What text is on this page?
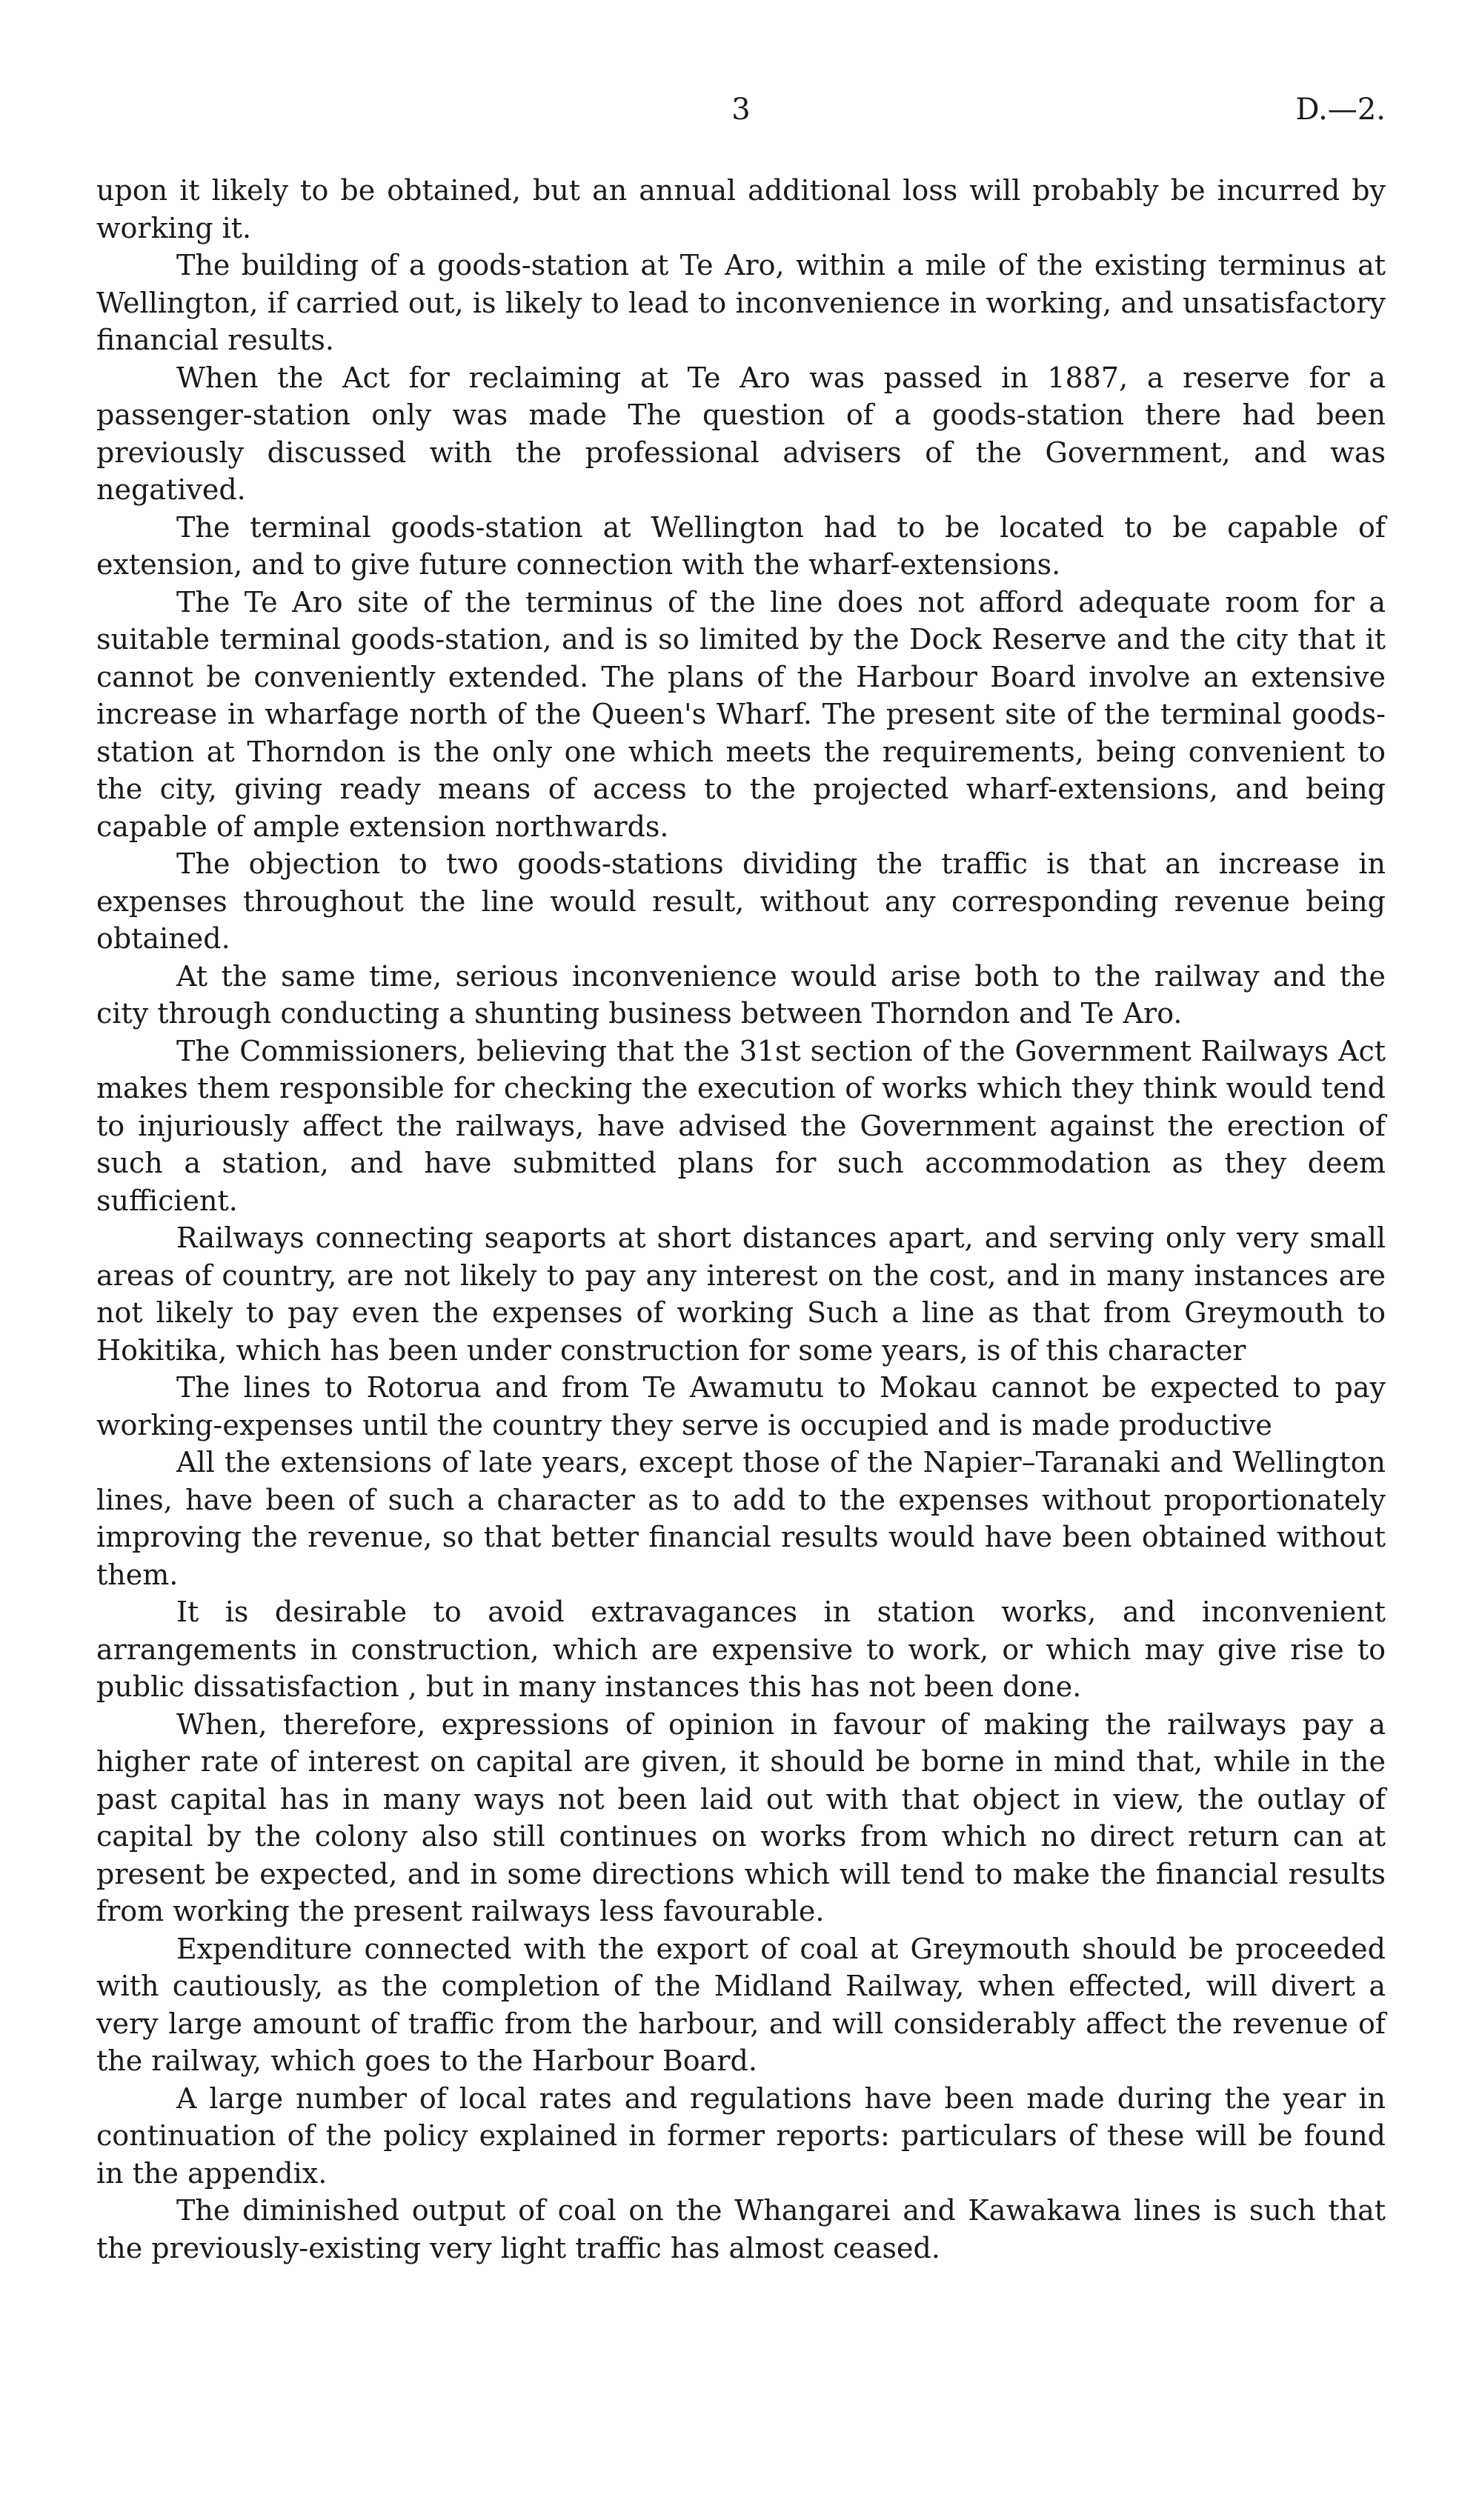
3	D.—2.

upon it likely to be obtained, but an annual additional loss will probably be incurred by working it.

The building of a goods-station at Te Aro, within a mile of the existing terminus at Wellington, if carried out, is likely to lead to inconvenience in working, and unsatisfactory financial results.

When the Act for reclaiming at Te Aro was passed in 1887, a reserve for a passenger-station only was made The question of a goods-station there had been previously discussed with the professional advisers of the Government, and was negatived.

The terminal goods-station at Wellington had to be located to be capable of extension, and to give future connection with the wharf-extensions.

The Te Aro site of the terminus of the line does not afford adequate room for a suitable terminal goods-station, and is so limited by the Dock Reserve and the city that it cannot be conveniently extended. The plans of the Harbour Board involve an extensive increase in wharfage north of the Queen's Wharf. The present site of the terminal goods-station at Thorndon is the only one which meets the requirements, being convenient to the city, giving ready means of access to the projected wharf-extensions, and being capable of ample extension northwards.

The objection to two goods-stations dividing the traffic is that an increase in expenses throughout the line would result, without any corresponding revenue being obtained.

At the same time, serious inconvenience would arise both to the railway and the city through conducting a shunting business between Thorndon and Te Aro.

The Commissioners, believing that the 31st section of the Government Railways Act makes them responsible for checking the execution of works which they think would tend to injuriously affect the railways, have advised the Government against the erection of such a station, and have submitted plans for such accommodation as they deem sufficient.

Railways connecting seaports at short distances apart, and serving only very small areas of country, are not likely to pay any interest on the cost, and in many instances are not likely to pay even the expenses of working Such a line as that from Greymouth to Hokitika, which has been under construction for some years, is of this character

The lines to Rotorua and from Te Awamutu to Mokau cannot be expected to pay working-expenses until the country they serve is occupied and is made productive

All the extensions of late years, except those of the Napier–Taranaki and Wellington lines, have been of such a character as to add to the expenses without proportionately improving the revenue, so that better financial results would have been obtained without them.

It is desirable to avoid extravagances in station works, and inconvenient arrangements in construction, which are expensive to work, or which may give rise to public dissatisfaction , but in many instances this has not been done.

When, therefore, expressions of opinion in favour of making the railways pay a higher rate of interest on capital are given, it should be borne in mind that, while in the past capital has in many ways not been laid out with that object in view, the outlay of capital by the colony also still continues on works from which no direct return can at present be expected, and in some directions which will tend to make the financial results from working the present railways less favourable.

Expenditure connected with the export of coal at Greymouth should be proceeded with cautiously, as the completion of the Midland Railway, when effected, will divert a very large amount of traffic from the harbour, and will considerably affect the revenue of the railway, which goes to the Harbour Board.

A large number of local rates and regulations have been made during the year in continuation of the policy explained in former reports: particulars of these will be found in the appendix.

The diminished output of coal on the Whangarei and Kawakawa lines is such that the previously-existing very light traffic has almost ceased.
